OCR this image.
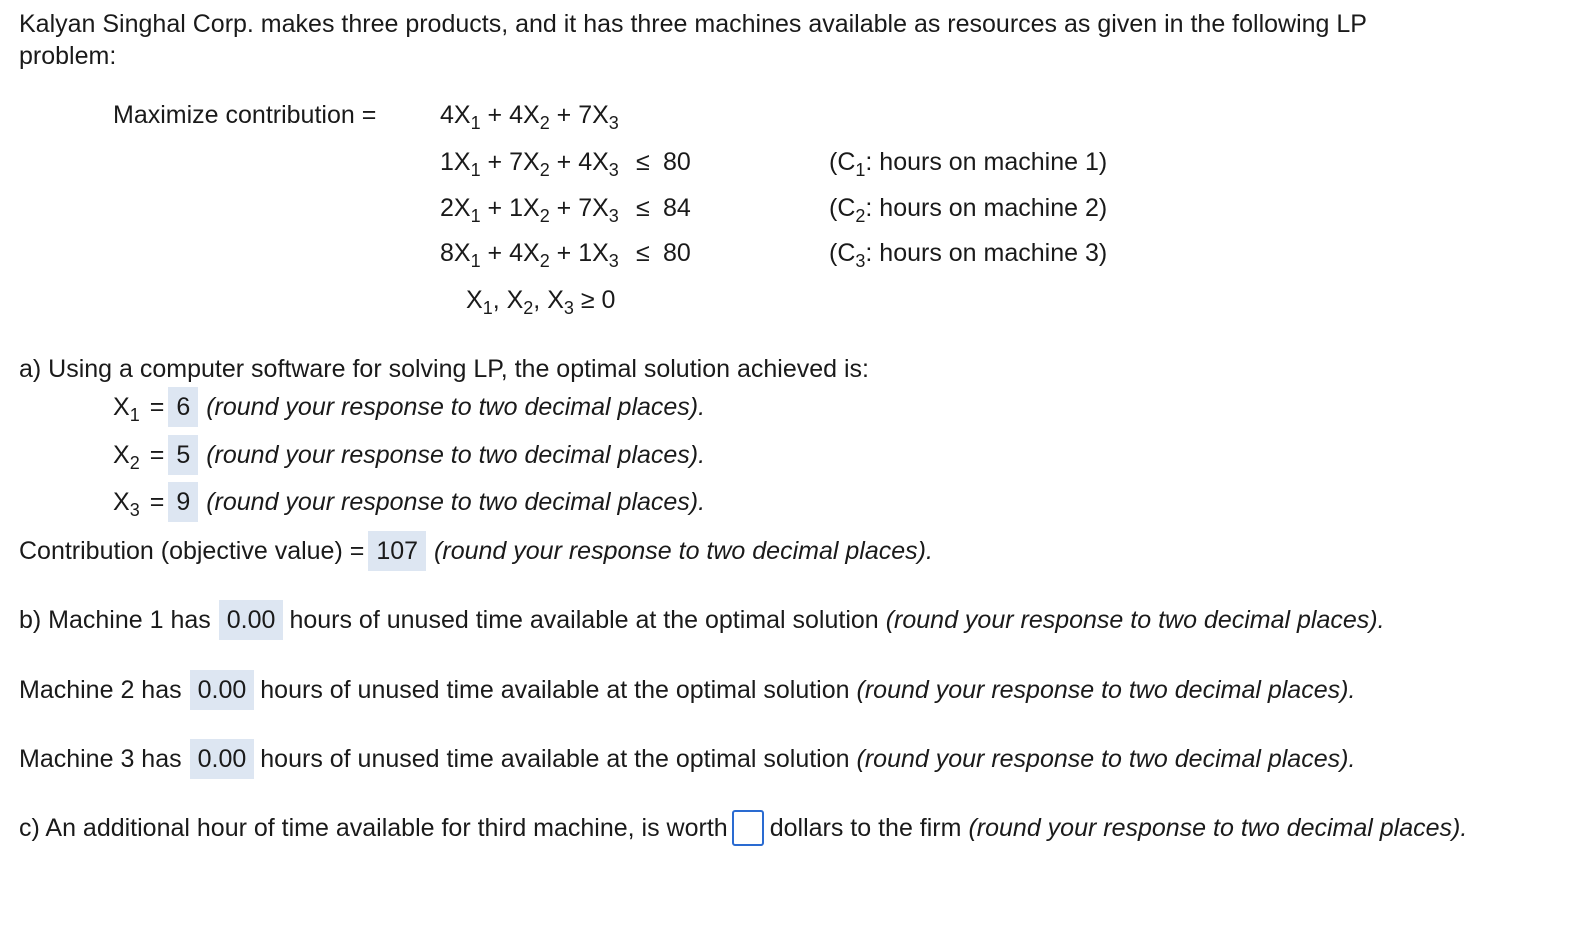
Kalyan Singhal Corp. makes three products, and it has three machines available as resources as given in the following LP
problem:
Maximize contribution =	$4X_1 + 4X_2 + 7X_3$
$1X_1 + 7X_2 + 4X_3 \le 80$	($C_1$: hours on machine 1)
$2X_1 + 1X_2 + 7X_3 \le 84$	($C_2$: hours on machine 2)
$8X_1 + 4X_2 + 1X_3 \le 80$	($C_3$: hours on machine 3)
$X_1$, $X_2$, $X_3 \ge 0$
a) Using a computer software for solving LP, the optimal solution achieved is:
$X_1 = 6$ (round your response to two decimal places).
$X_2 = 5$ (round your response to two decimal places).
$X_3 = 9$ (round your response to two decimal places).
Contribution (objective value) = 107 (round your response to two decimal places).
b) Machine 1 has 0.00 hours of unused time available at the optimal solution (round your response to two decimal places).
Machine 2 has 0.00 hours of unused time available at the optimal solution (round your response to two decimal places).
Machine 3 has 0.00 hours of unused time available at the optimal solution (round your response to two decimal places).
c) An additional hour of time available for third machine, is worth dollars to the firm (round your response to two decimal places).
